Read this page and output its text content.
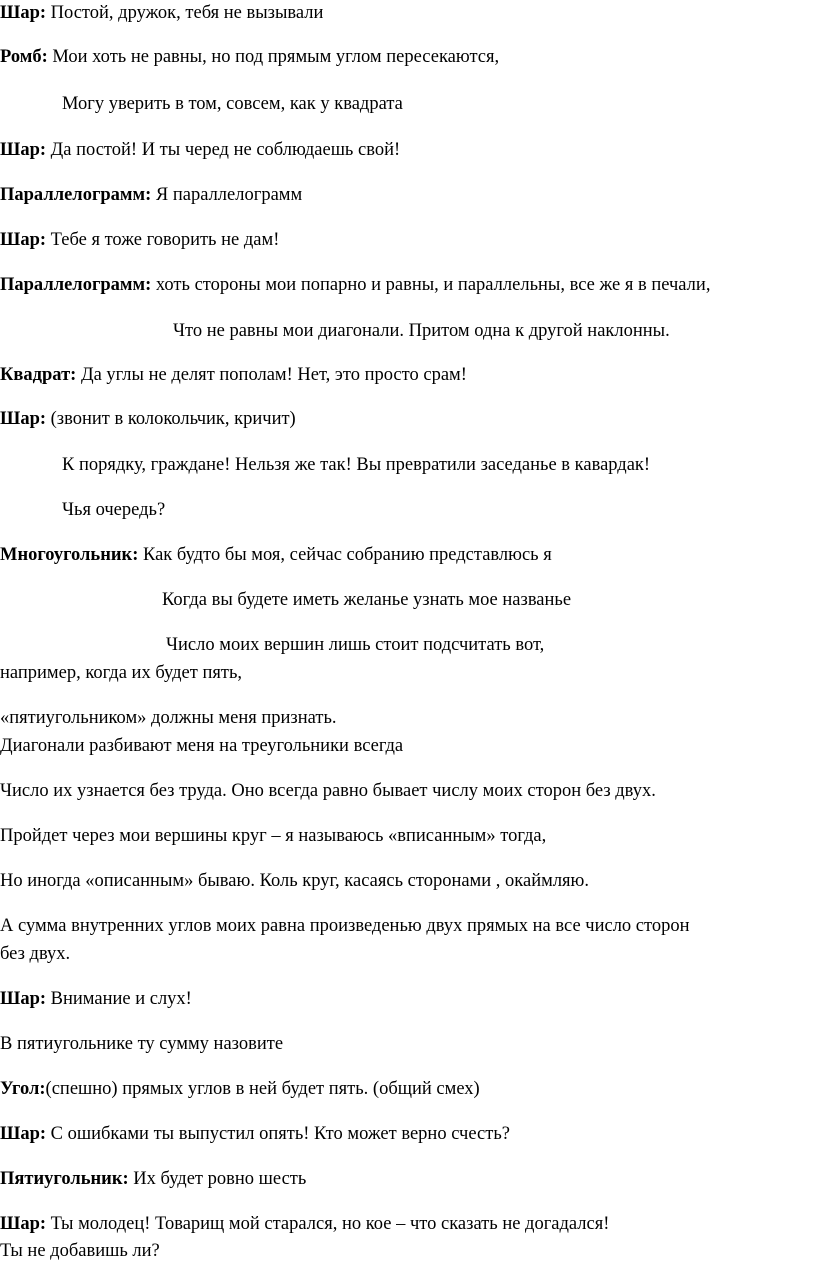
Шар: Постой, дружок, тебя не вызывали
Ромб: Мои хоть не равны, но под прямым углом пересекаются,
Могу уверить в том, совсем, как у квадрата
Шар: Да постой! И ты черед не соблюдаешь свой!
Параллелограмм: Я параллелограмм
Шар: Тебе я тоже говорить не дам!
Параллелограмм: хоть стороны мои попарно и равны, и параллельны, все же я в печали,
Что не равны мои диагонали. Притом одна к другой наклонны.
Квадрат: Да углы не делят пополам! Нет, это просто срам!
Шар: (звонит в колокольчик, кричит)
К порядку, граждане! Нельзя же так! Вы превратили заседанье в кавардак!
Чья очередь?
Многоугольник: Как будто бы моя, сейчас собранию представлюсь я
Когда вы будете иметь желанье узнать мое названье
Число моих вершин лишь стоит подсчитать вот,
например, когда их будет пять,
«пятиугольником» должны меня признать.
Диагонали разбивают меня на треугольники всегда
Число их узнается без труда. Оно всегда равно бывает числу моих сторон без двух.
Пройдет через мои вершины круг – я называюсь «вписанным» тогда,
Но иногда «описанным» бываю. Коль круг, касаясь сторонами , окаймляю.
А сумма внутренних углов моих равна произведенью двух прямых на все число сторон
без двух.
Шар: Внимание и слух!
В пятиугольнике ту сумму назовите
Угол:(спешно) прямых углов в ней будет пять. (общий смех)
Шар: С ошибками ты выпустил опять! Кто может верно счесть?
Пятиугольник: Их будет ровно шесть
Шар: Ты молодец! Товарищ мой старался, но кое – что сказать не догадался!
Ты не добавишь ли?
